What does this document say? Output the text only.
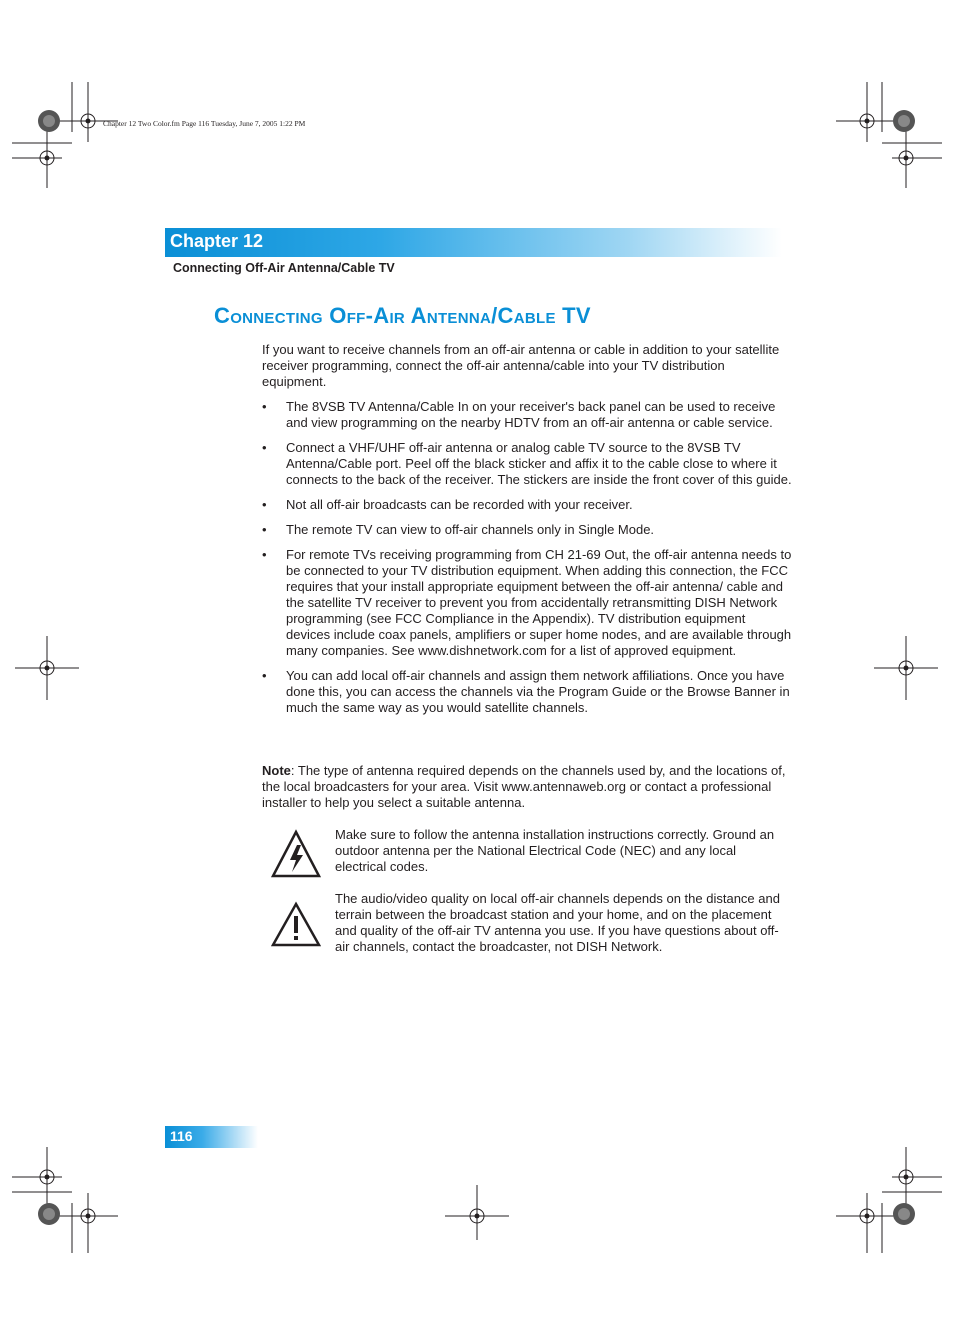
Chapter 12 Two Color.fm Page 116 Tuesday, June 7, 2005 1:22 PM
Chapter 12
Connecting Off-Air Antenna/Cable TV
Connecting Off-Air Antenna/Cable TV
If you want to receive channels from an off-air antenna or cable in addition to your satellite receiver programming, connect the off-air antenna/cable into your TV distribution equipment.
• The 8VSB TV Antenna/Cable In on your receiver's back panel can be used to receive and view programming on the nearby HDTV from an off-air antenna or cable service.
• Connect a VHF/UHF off-air antenna or analog cable TV source to the 8VSB TV Antenna/Cable port. Peel off the black sticker and affix it to the cable close to where it connects to the back of the receiver. The stickers are inside the front cover of this guide.
• Not all off-air broadcasts can be recorded with your receiver.
• The remote TV can view to off-air channels only in Single Mode.
• For remote TVs receiving programming from CH 21-69 Out, the off-air antenna needs to be connected to your TV distribution equipment. When adding this connection, the FCC requires that your install appropriate equipment between the off-air antenna/ cable and the satellite TV receiver to prevent you from accidentally retransmitting DISH Network programming (see FCC Compliance in the Appendix). TV distribution equipment devices include coax panels, amplifiers or super home nodes, and are available through many companies. See www.dishnetwork.com for a list of approved equipment.
• You can add local off-air channels and assign them network affiliations. Once you have done this, you can access the channels via the Program Guide or the Browse Banner in much the same way as you would satellite channels.
Note: The type of antenna required depends on the channels used by, and the locations of, the local broadcasters for your area. Visit www.antennaweb.org or contact a professional installer to help you select a suitable antenna.
Make sure to follow the antenna installation instructions correctly. Ground an outdoor antenna per the National Electrical Code (NEC) and any local electrical codes.
The audio/video quality on local off-air channels depends on the distance and terrain between the broadcast station and your home, and on the placement and quality of the off-air TV antenna you use. If you have questions about off-air channels, contact the broadcaster, not DISH Network.
116
